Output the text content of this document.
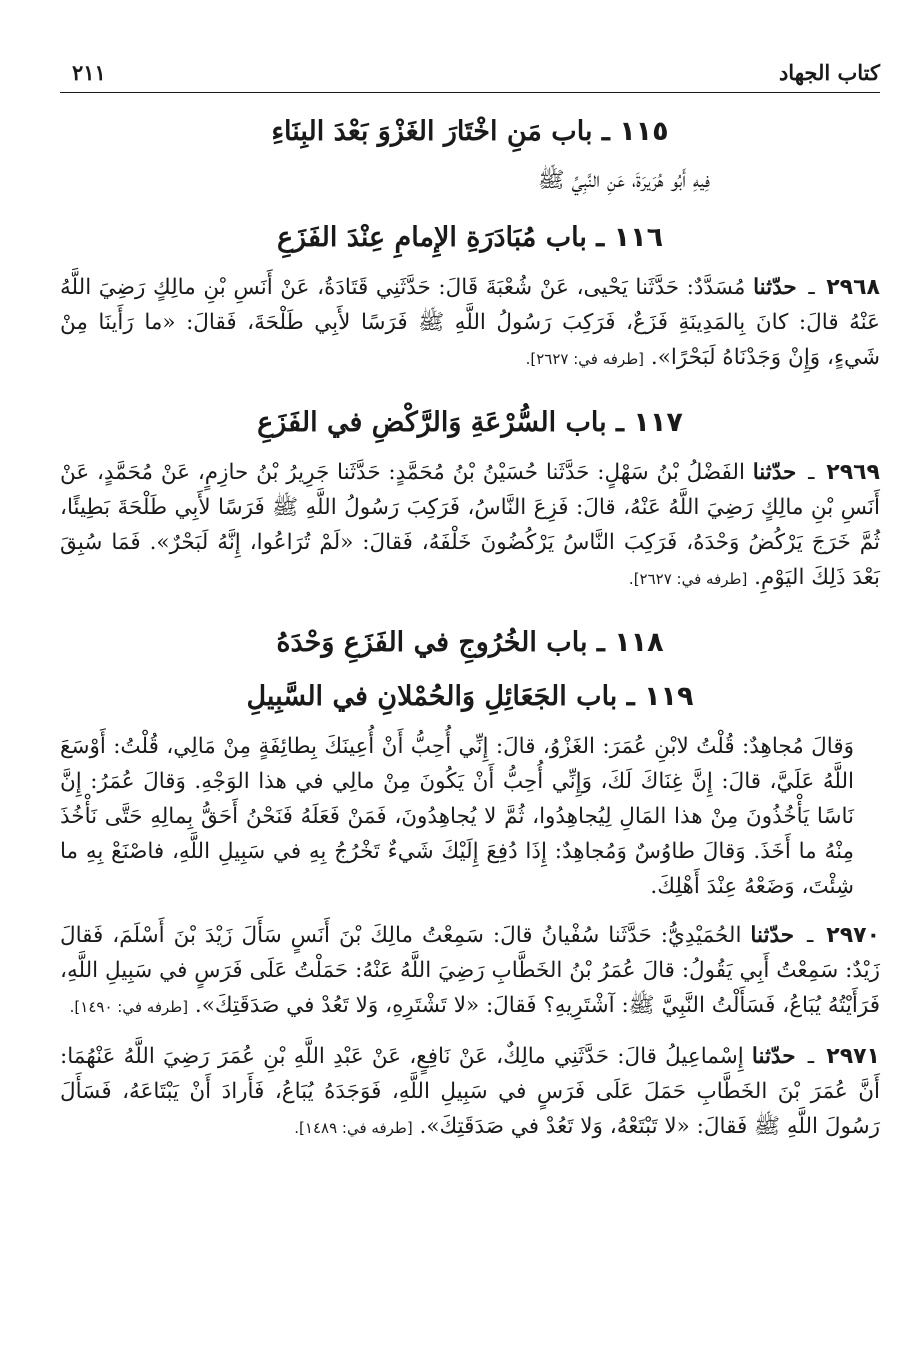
كتاب الجهاد
٢١١
١١٥ ـ باب مَنِ اخْتَارَ الغَزْوَ بَعْدَ البِنَاءِ

فِيهِ أَبُو هُرَيرَةَ، عَنِ النَّبِيِّ ﷺ

١١٦ ـ باب مُبَادَرَةِ الإِمامِ عِنْدَ الفَزَعِ

٢٩٦٨ ـ حدّثنا مُسَدَّدٌ: حَدَّثَنا يَحْيى، عَنْ شُعْبَةَ قَالَ: حَدَّثَنِي قَتَادَةُ، عَنْ أَنَسِ بْنِ مالِكٍ رَضِيَ اللَّهُ عَنْهُ قالَ: كانَ بِالمَدِينَةِ فَزَعٌ، فَرَكِبَ رَسُولُ اللَّهِ ﷺ فَرَسًا لأَبِي طَلْحَةَ، فَقالَ: «ما رَأَينَا مِنْ شَيءٍ، وَإِنْ وَجَدْنَاهُ لَبَحْرًا». [طرفه في: ٢٦٢٧].

١١٧ ـ باب السُّرْعَةِ وَالرَّكْضِ في الفَزَعِ

٢٩٦٩ ـ حدّثنا الفَضْلُ بْنُ سَهْلٍ: حَدَّثَنا حُسَيْنُ بْنُ مُحَمَّدٍ: حَدَّثَنا جَرِيرُ بْنُ حازِمٍ، عَنْ مُحَمَّدٍ، عَنْ أَنَسِ بْنِ مالِكٍ رَضِيَ اللَّهُ عَنْهُ، قالَ: فَزِعَ النَّاسُ، فَرَكِبَ رَسُولُ اللَّهِ ﷺ فَرَسًا لأَبِي طَلْحَةَ بَطِيئًا، ثُمَّ خَرَجَ يَرْكُضُ وَحْدَهُ، فَرَكِبَ النَّاسُ يَرْكُضُونَ خَلْفَهُ، فَقالَ: «لَمْ تُرَاعُوا، إِنَّهُ لَبَحْرٌ». فَمَا سُبِقَ بَعْدَ ذَلِكَ اليَوْمِ. [طرفه في: ٢٦٢٧].

١١٨ ـ باب الخُرُوجِ في الفَزَعِ وَحْدَهُ
١١٩ ـ باب الجَعَائِلِ وَالحُمْلانِ في السَّبِيلِ

وَقالَ مُجاهِدٌ: قُلْتُ لابْنِ عُمَرَ: الغَزْوُ، قالَ: إِنِّي أُحِبُّ أَنْ أُعِينَكَ بِطائِفَةٍ مِنْ مَالِي، قُلْتُ: أَوْسَعَ اللَّهُ عَلَيَّ، قالَ: إِنَّ غِنَاكَ لَكَ، وَإِنِّي أُحِبُّ أَنْ يَكُونَ مِنْ مالِي في هذا الوَجْهِ. وَقالَ عُمَرُ: إِنَّ نَاسًا يَأْخُذُونَ مِنْ هذا المَالِ لِيُجاهِدُوا، ثُمَّ لا يُجاهِدُونَ، فَمَنْ فَعَلَهُ فَنَحْنُ أَحَقُّ بِمالِهِ حَتَّى نَأْخُذَ مِنْهُ ما أَخَذَ. وَقالَ طاوُسٌ وَمُجاهِدٌ: إِذَا دُفِعَ إِلَيْكَ شَيءٌ تَخْرُجُ بِهِ في سَبِيلِ اللَّهِ، فاصْنَعْ بِهِ ما شِئْتَ، وَضَعْهُ عِنْدَ أَهْلِكَ.

٢٩٧٠ ـ حدّثنا الحُمَيْدِيُّ: حَدَّثَنا سُفْيانُ قالَ: سَمِعْتُ مالِكَ بْنَ أَنَسٍ سَأَلَ زَيْدَ بْنَ أَسْلَمَ، فَقالَ زَيْدٌ: سَمِعْتُ أَبِي يَقُولُ: قالَ عُمَرُ بْنُ الخَطَّابِ رَضِيَ اللَّهُ عَنْهُ: حَمَلْتُ عَلَى فَرَسٍ في سَبِيلِ اللَّهِ، فَرَأَيْتُهُ يُبَاعُ، فَسَأَلْتُ النَّبِيَّ ﷺ: آشْتَرِيهِ؟ فَقالَ: «لا تَشْتَرِهِ، وَلا تَعُدْ في صَدَقَتِكَ». [طرفه في: ١٤٩٠].

٢٩٧١ ـ حدّثنا إِسْماعِيلُ قالَ: حَدَّثَنِي مالِكٌ، عَنْ نَافِعٍ، عَنْ عَبْدِ اللَّهِ بْنِ عُمَرَ رَضِيَ اللَّهُ عَنْهُمَا: أَنَّ عُمَرَ بْنَ الخَطَّابِ حَمَلَ عَلَى فَرَسٍ في سَبِيلِ اللَّهِ، فَوَجَدَهُ يُبَاعُ، فَأَرادَ أَنْ يَبْتَاعَهُ، فَسَأَلَ رَسُولَ اللَّهِ ﷺ فَقالَ: «لا تَبْتَعْهُ، وَلا تَعُدْ في صَدَقَتِكَ». [طرفه في: ١٤٨٩].
